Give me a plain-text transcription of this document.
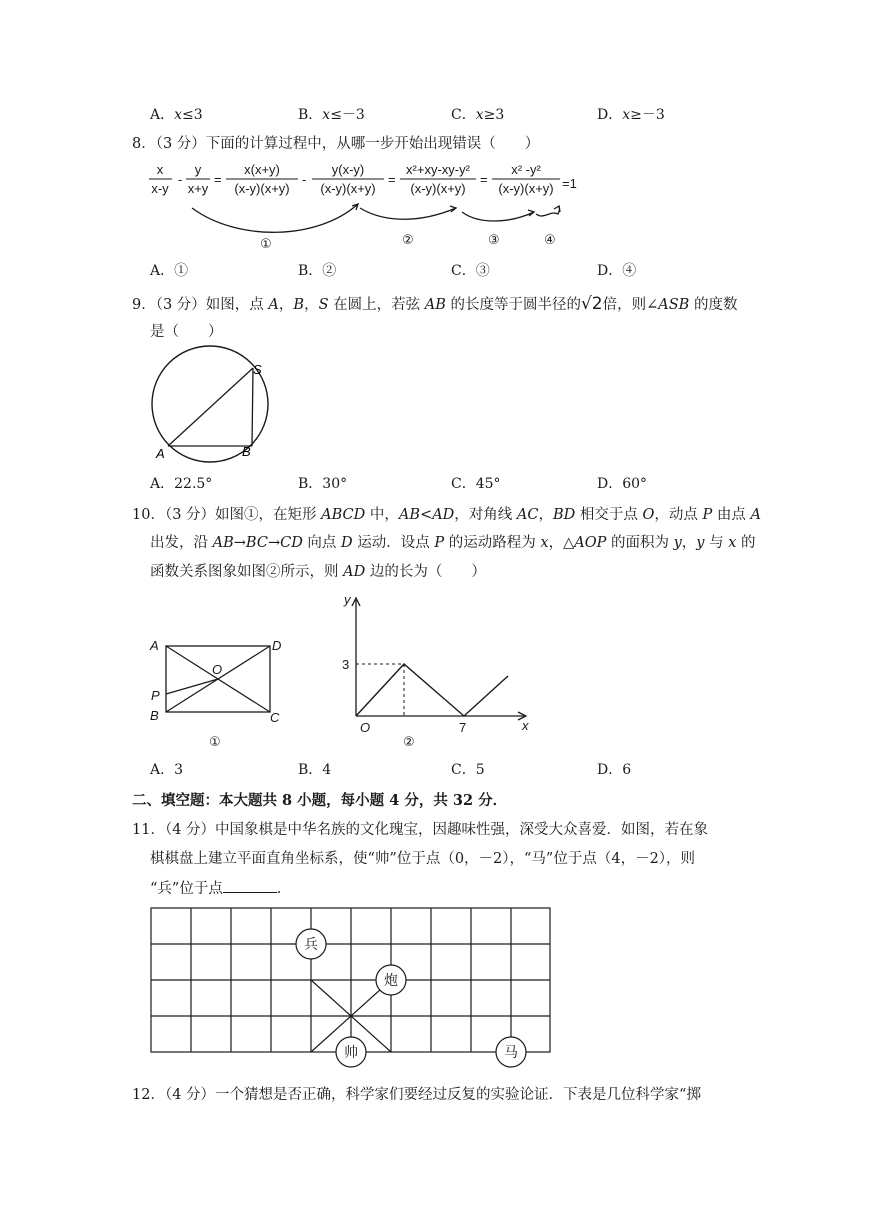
A．x≤3	B．x≤－3	C．x≥3	D．x≥－3
8．（3 分）下面的计算过程中，从哪一步开始出现错误（　　）
x
x-y
-
y
x+y
=
x(x+y)
(x-y)(x+y)
-
y(x-y)
(x-y)(x+y)
=
x²+xy-xy-y²
(x-y)(x+y)
=
x² -y²
(x-y)(x+y) =1
①	②	③	④
A．①	B．②	C．③	D．④
9．（3 分）如图，点 A，B，S 在圆上，若弦 AB 的长度等于圆半径的√2倍，则∠ASB 的度数
是（　　）
A	B
S
A．22.5°	B．30°	C．45°	D．60°
10．（3 分）如图①，在矩形 ABCD 中，AB<AD，对角线 AC，BD 相交于点 O，动点 P 由点 A
出发，沿 AB→BC→CD 向点 D 运动．设点 P 的运动路程为 x，△AOP 的面积为 y，y 与 x 的
函数关系图象如图②所示，则 AD 边的长为（　　）
A	D
B	C
O
P
①
y
x
O
3
7
②
A．3	B．4	C．5	D．6
二、填空题：本大题共 8 小题，每小题 4 分，共 32 分．
11．（4 分）中国象棋是中华名族的文化瑰宝，因趣味性强，深受大众喜爱．如图，若在象
棋棋盘上建立平面直角坐标系，使“帅”位于点（0，－2），“马”位于点（4，－2），则
“兵”位于点	．
兵
炮
帅	马
12．（4 分）一个猜想是否正确，科学家们要经过反复的实验论证．下表是几位科学家“掷
